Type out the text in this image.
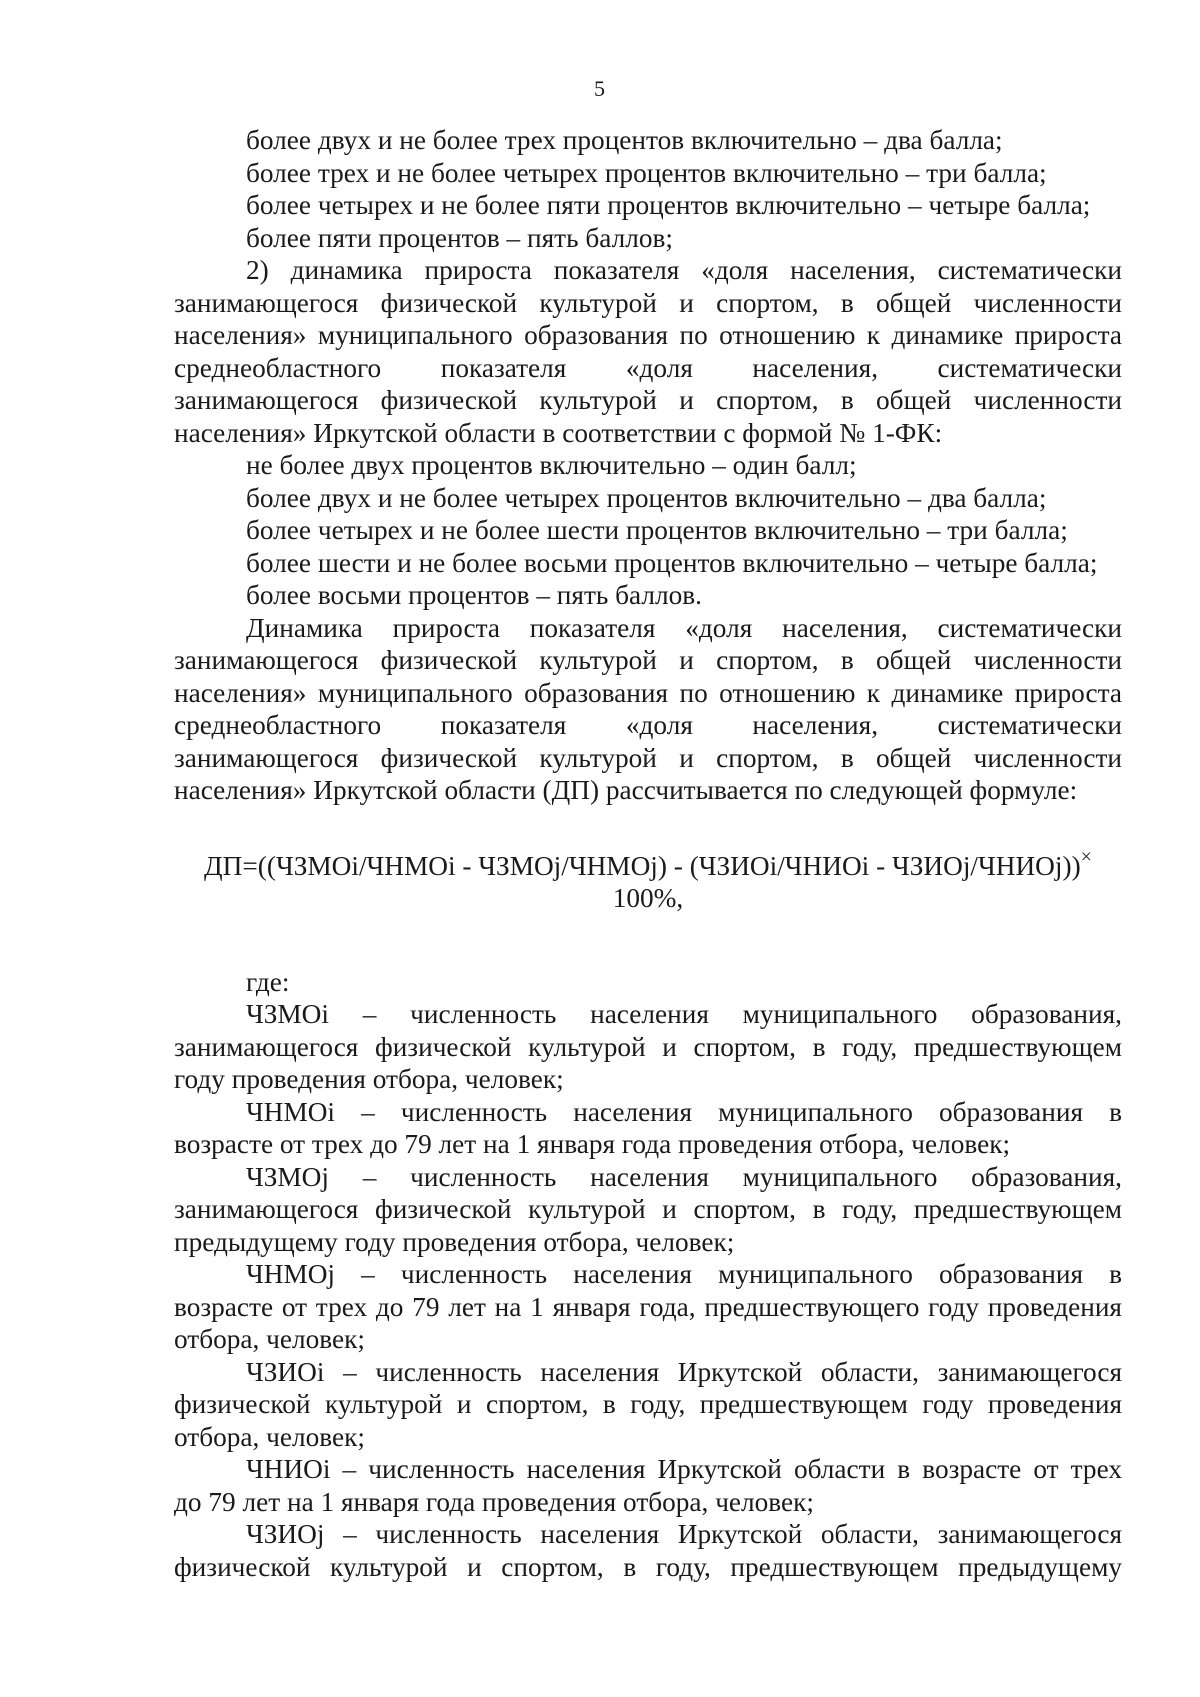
5
более двух и не более трех процентов включительно – два балла;
более трех и не более четырех процентов включительно – три балла;
более четырех и не более пяти процентов включительно – четыре балла;
более пяти процентов – пять баллов;
2) динамика прироста показателя «доля населения, систематически
занимающегося физической культурой и спортом, в общей численности
населения» муниципального образования по отношению к динамике прироста
среднеобластного показателя «доля населения, систематически
занимающегося физической культурой и спортом, в общей численности
населения» Иркутской области в соответствии с формой № 1-ФК:
не более двух процентов включительно – один балл;
более двух и не более четырех процентов включительно – два балла;
более четырех и не более шести процентов включительно – три балла;
более шести и не более восьми процентов включительно – четыре балла;
более восьми процентов – пять баллов.
Динамика прироста показателя «доля населения, систематически
занимающегося физической культурой и спортом, в общей численности
населения» муниципального образования по отношению к динамике прироста
среднеобластного показателя «доля населения, систематически
занимающегося физической культурой и спортом, в общей численности
населения» Иркутской области (ДП) рассчитывается по следующей формуле:
ДП=((ЧЗМОi/ЧНМОi - ЧЗМОj/ЧНМОj) - (ЧЗИОi/ЧНИОi - ЧЗИОj/ЧНИОj))×
100%,
где:
ЧЗМОi – численность населения муниципального образования,
занимающегося физической культурой и спортом, в году, предшествующем
году проведения отбора, человек;
ЧНМОi – численность населения муниципального образования в
возрасте от трех до 79 лет на 1 января года проведения отбора, человек;
ЧЗМОj – численность населения муниципального образования,
занимающегося физической культурой и спортом, в году, предшествующем
предыдущему году проведения отбора, человек;
ЧНМОj – численность населения муниципального образования в
возрасте от трех до 79 лет на 1 января года, предшествующего году проведения
отбора, человек;
ЧЗИОi – численность населения Иркутской области, занимающегося
физической культурой и спортом, в году, предшествующем году проведения
отбора, человек;
ЧНИОi – численность населения Иркутской области в возрасте от трех
до 79 лет на 1 января года проведения отбора, человек;
ЧЗИОj – численность населения Иркутской области, занимающегося
физической культурой и спортом, в году, предшествующем предыдущему
